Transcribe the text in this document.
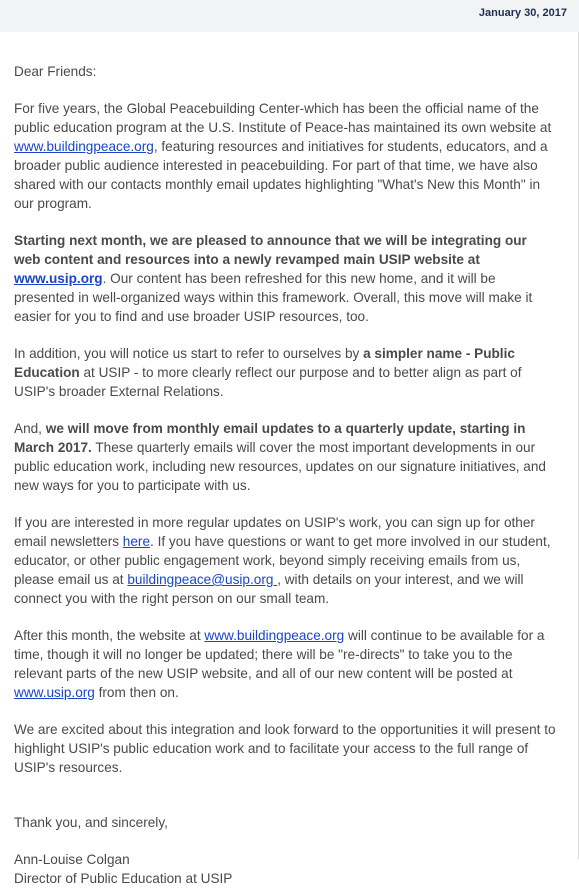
January 30, 2017

Dear Friends:

For five years, the Global Peacebuilding Center-which has been the official name of the public education program at the U.S. Institute of Peace-has maintained its own website at www.buildingpeace.org, featuring resources and initiatives for students, educators, and a broader public audience interested in peacebuilding. For part of that time, we have also shared with our contacts monthly email updates highlighting "What's New this Month" in our program.

Starting next month, we are pleased to announce that we will be integrating our web content and resources into a newly revamped main USIP website at www.usip.org. Our content has been refreshed for this new home, and it will be presented in well-organized ways within this framework. Overall, this move will make it easier for you to find and use broader USIP resources, too.

In addition, you will notice us start to refer to ourselves by a simpler name - Public Education at USIP - to more clearly reflect our purpose and to better align as part of USIP's broader External Relations.

And, we will move from monthly email updates to a quarterly update, starting in March 2017. These quarterly emails will cover the most important developments in our public education work, including new resources, updates on our signature initiatives, and new ways for you to participate with us.

If you are interested in more regular updates on USIP's work, you can sign up for other email newsletters here. If you have questions or want to get more involved in our student, educator, or other public engagement work, beyond simply receiving emails from us, please email us at buildingpeace@usip.org , with details on your interest, and we will connect you with the right person on our small team.

After this month, the website at www.buildingpeace.org will continue to be available for a time, though it will no longer be updated; there will be "re-directs" to take you to the relevant parts of the new USIP website, and all of our new content will be posted at www.usip.org from then on.

We are excited about this integration and look forward to the opportunities it will present to highlight USIP's public education work and to facilitate your access to the full range of USIP's resources.

Thank you, and sincerely,

Ann-Louise Colgan

Director of Public Education at USIP
